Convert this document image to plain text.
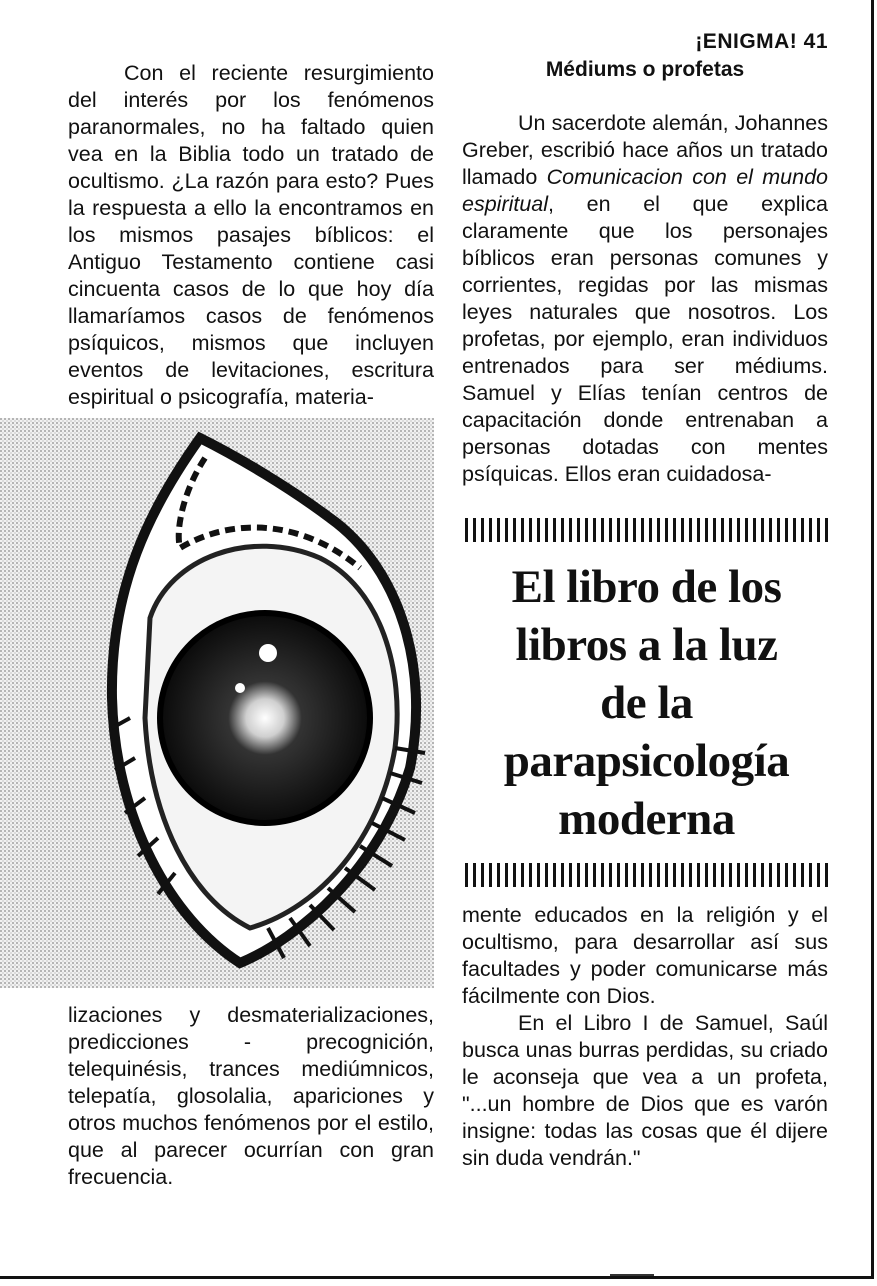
Con el reciente resurgimiento del interés por los fenómenos paranormales, no ha faltado quien vea en la Biblia todo un tratado de ocultismo. ¿La razón para esto? Pues la respuesta a ello la encontramos en los mismos pasajes bíblicos: el Antiguo Testamento contiene casi cincuenta casos de lo que hoy día llamaríamos casos de fenómenos psíquicos, mismos que incluyen eventos de levitaciones, escritura espiritual o psicografía, materia-

lizaciones y desmaterializaciones, predicciones - precognición, telequinésis, trances mediúmnicos, telepatía, glosolalia, apariciones y otros muchos fenómenos por el estilo, que al parecer ocurrían con gran frecuencia.

¡ENIGMA! 41

Médiums o profetas

Un sacerdote alemán, Johannes Greber, escribió hace años un tratado llamado Comunicacion con el mundo espiritual, en el que explica claramente que los personajes bíblicos eran personas comunes y corrientes, regidas por las mismas leyes naturales que nosotros. Los profetas, por ejemplo, eran individuos entrenados para ser médiums. Samuel y Elías tenían centros de capacitación donde entrenaban a personas dotadas con mentes psíquicas. Ellos eran cuidadosa-

El libro de los
libros a la luz
de la
parapsicología
moderna

mente educados en la religión y el ocultismo, para desarrollar así sus facultades y poder comunicarse más fácilmente con Dios.

En el Libro I de Samuel, Saúl busca unas burras perdidas, su criado le aconseja que vea a un profeta, "...un hombre de Dios que es varón insigne: todas las cosas que él dijere sin duda vendrán."
